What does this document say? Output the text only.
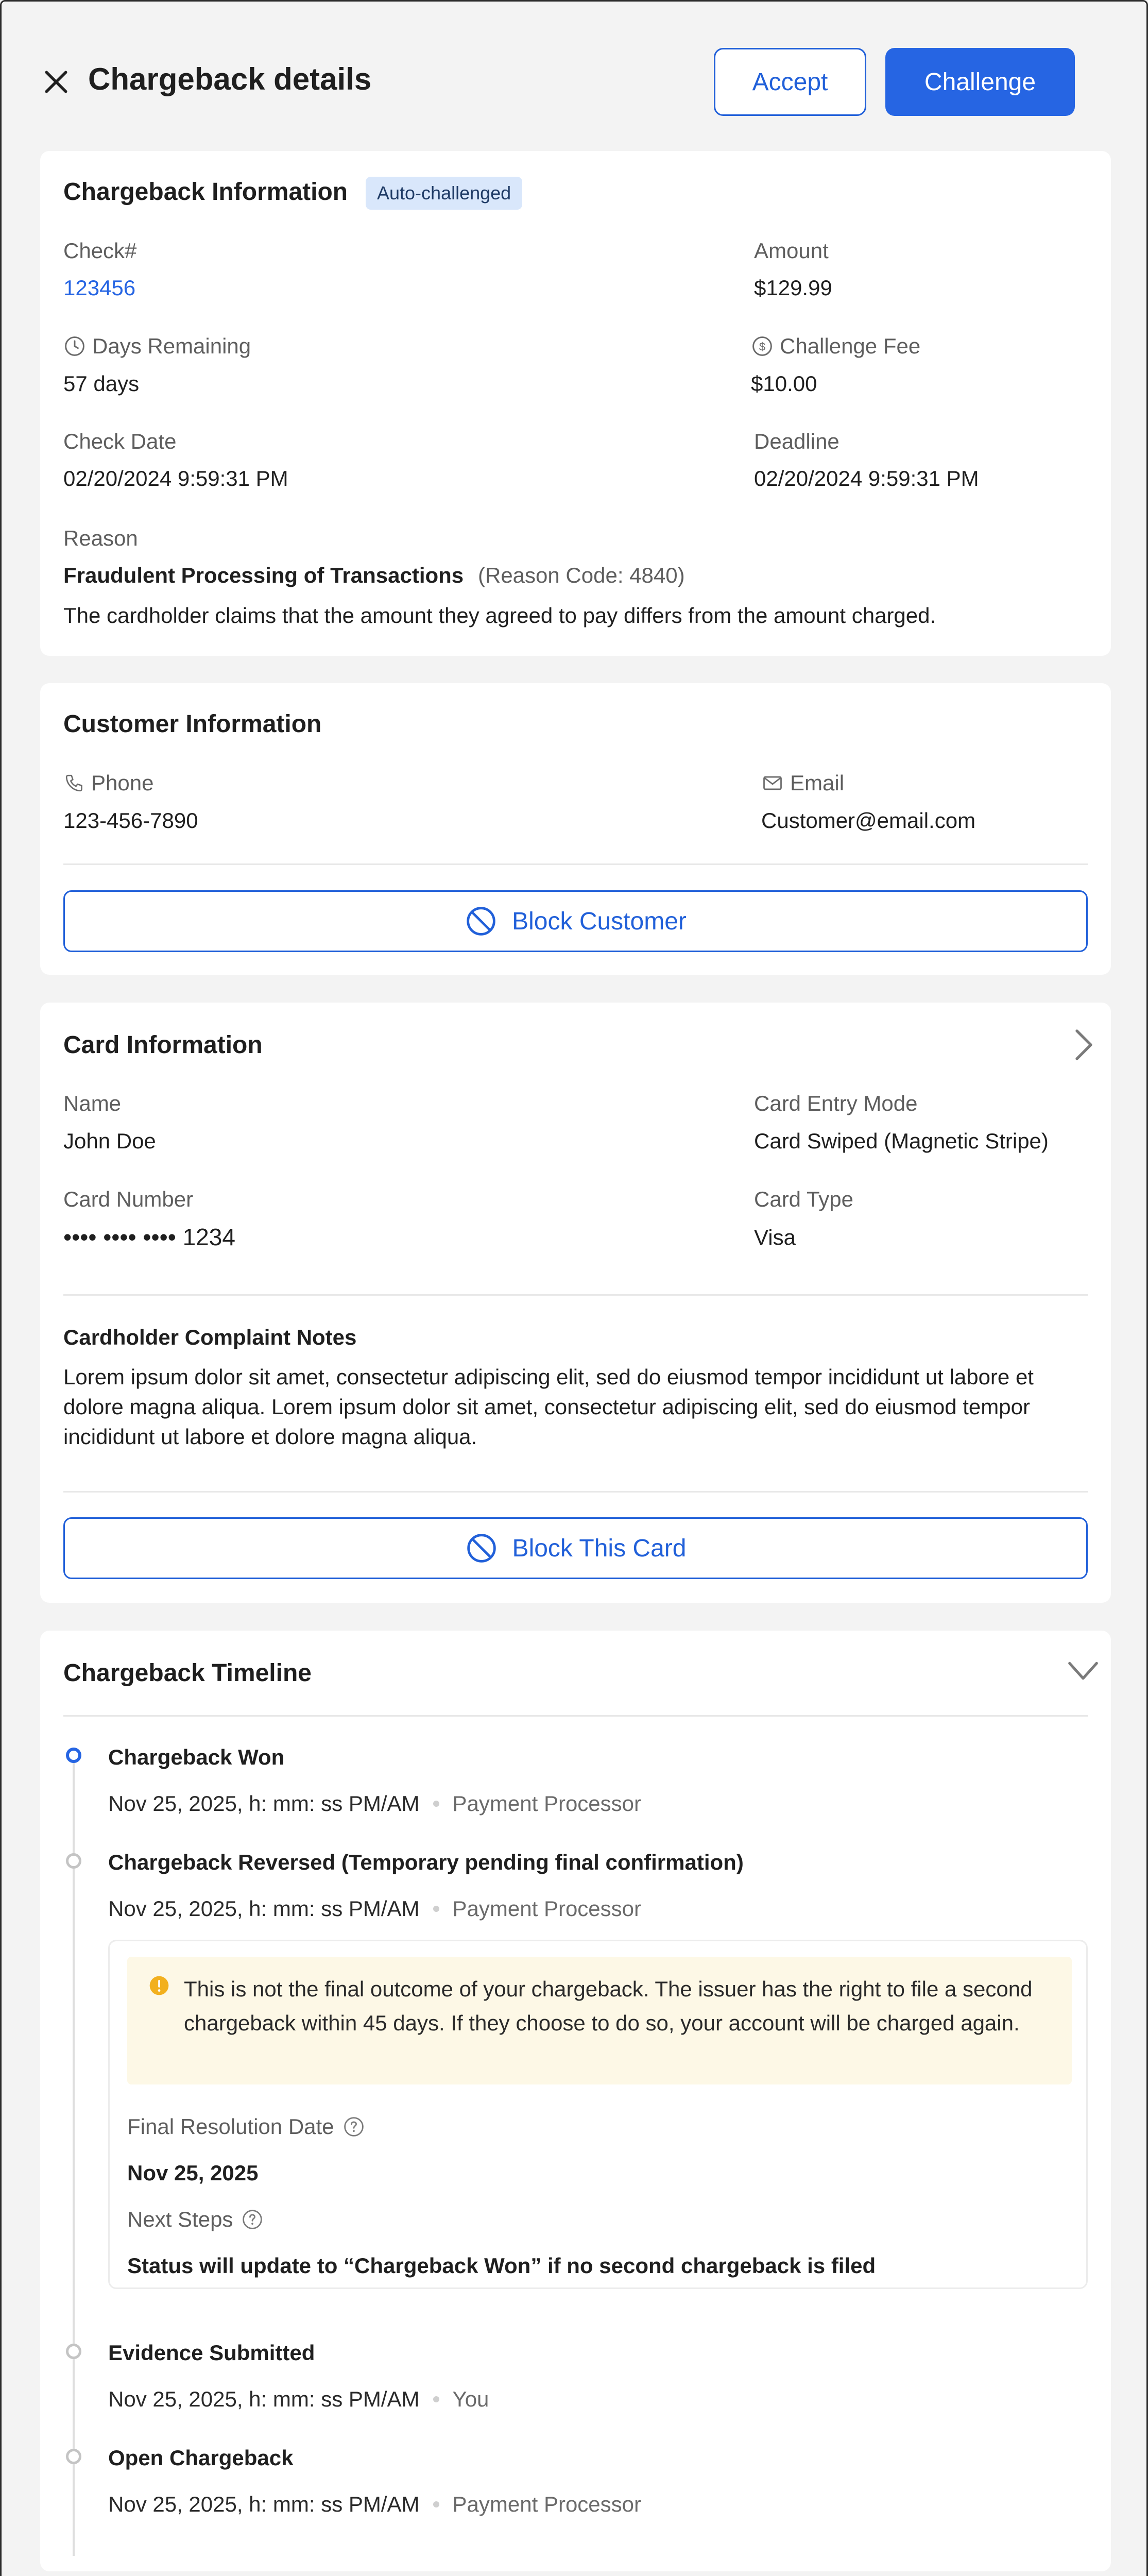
Chargeback details	Accept	Challenge
Chargeback Information	Auto-challenged
Check#
123456
Amount
$129.99
Days Remaining
57 days
$ Challenge Fee
$10.00
Check Date
02/20/2024 9:59:31 PM
Deadline
02/20/2024 9:59:31 PM
Reason
Fraudulent Processing of Transactions (Reason Code: 4840)
The cardholder claims that the amount they agreed to pay differs from the amount charged.
Customer Information
Phone
123-456-7890
Email
Customer@email.com
Block Customer
Card Information
Name
John Doe
Card Entry Mode
Card Swiped (Magnetic Stripe)
Card Number
•••• •••• •••• 1234
Card Type
Visa
Cardholder Complaint Notes
Lorem ipsum dolor sit amet, consectetur adipiscing elit, sed do eiusmod tempor incididunt ut labore et dolore magna aliqua. Lorem ipsum dolor sit amet, consectetur adipiscing elit, sed do eiusmod tempor incididunt ut labore et dolore magna aliqua.
Block This Card
Chargeback Timeline
Chargeback Won
Nov 25, 2025, h: mm: ss PM/AM Payment Processor
Chargeback Reversed (Temporary pending final confirmation)
Nov 25, 2025, h: mm: ss PM/AM Payment Processor
This is not the final outcome of your chargeback. The issuer has the right to file a second chargeback within 45 days. If they choose to do so, your account will be charged again.
Final Resolution Date
Nov 25, 2025
Next Steps
Status will update to “Chargeback Won” if no second chargeback is filed
Evidence Submitted
Nov 25, 2025, h: mm: ss PM/AM You
Open Chargeback
Nov 25, 2025, h: mm: ss PM/AM Payment Processor
